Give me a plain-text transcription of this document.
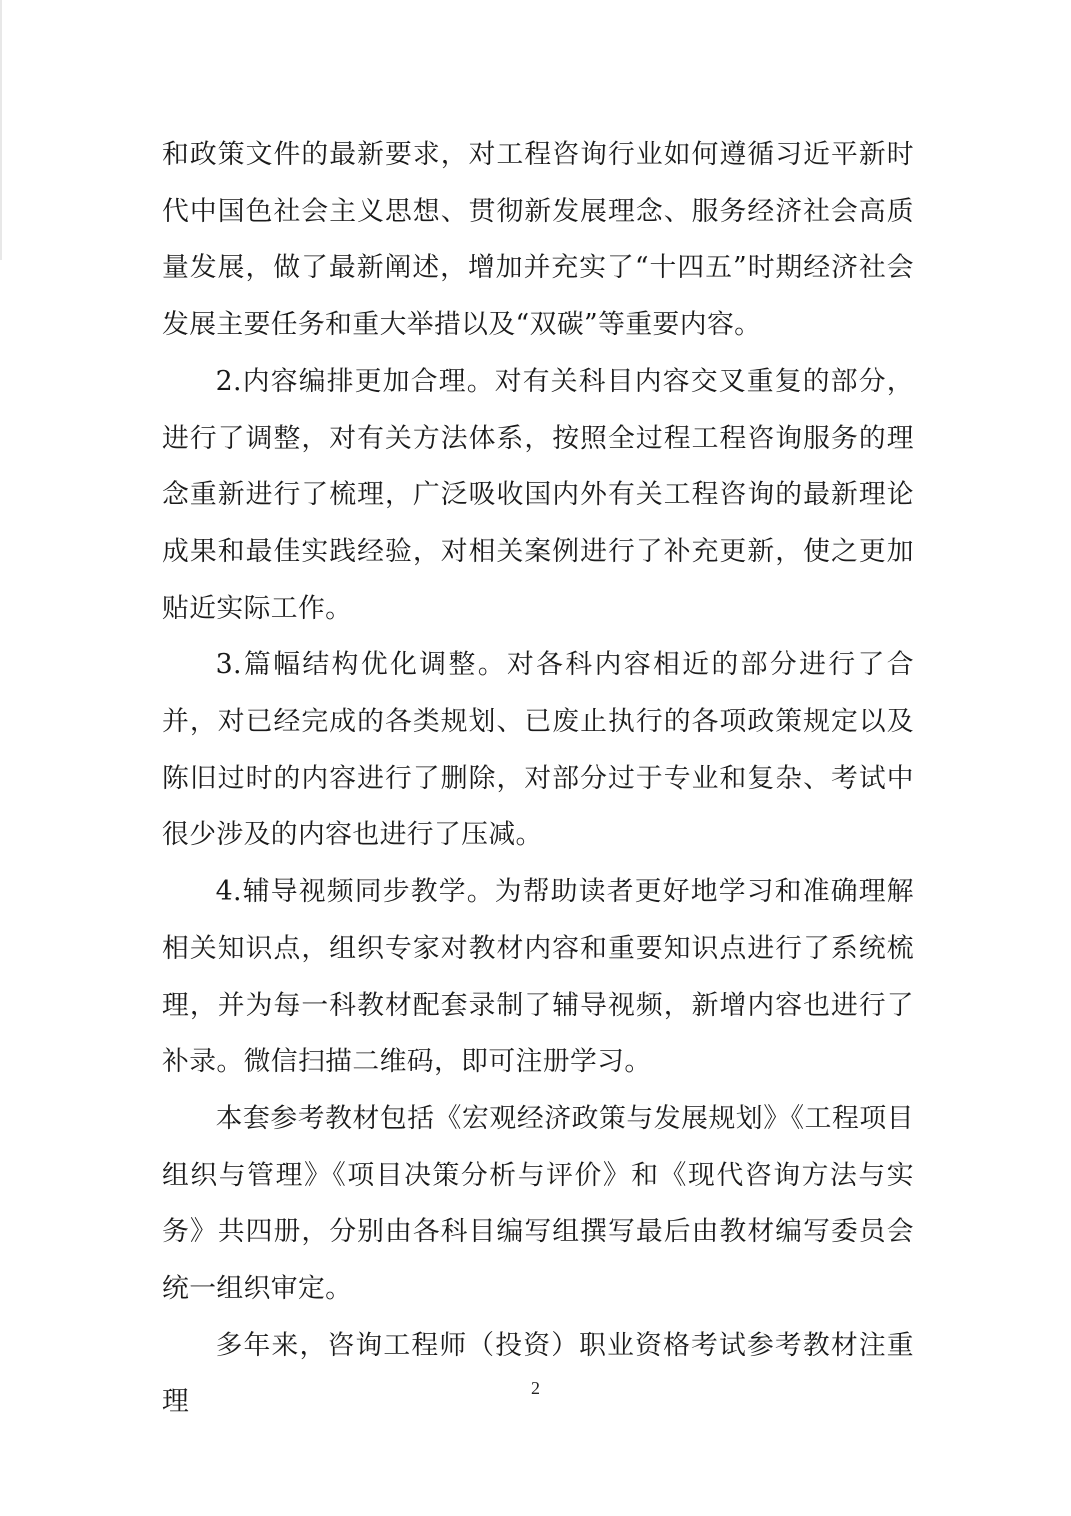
和政策文件的最新要求，对工程咨询行业如何遵循习近平新时代中国色社会主义思想、贯彻新发展理念、服务经济社会高质量发展，做了最新阐述，增加并充实了“十四五”时期经济社会发展主要任务和重大举措以及“双碳”等重要内容。

2.内容编排更加合理。对有关科目内容交叉重复的部分，进行了调整，对有关方法体系，按照全过程工程咨询服务的理念重新进行了梳理，广泛吸收国内外有关工程咨询的最新理论成果和最佳实践经验，对相关案例进行了补充更新，使之更加贴近实际工作。

3.篇幅结构优化调整。对各科内容相近的部分进行了合并，对已经完成的各类规划、已废止执行的各项政策规定以及陈旧过时的内容进行了删除，对部分过于专业和复杂、考试中很少涉及的内容也进行了压减。

4.辅导视频同步教学。为帮助读者更好地学习和准确理解相关知识点，组织专家对教材内容和重要知识点进行了系统梳理，并为每一科教材配套录制了辅导视频，新增内容也进行了补录。微信扫描二维码，即可注册学习。

本套参考教材包括《宏观经济政策与发展规划》《工程项目组织与管理》《项目决策分析与评价》和《现代咨询方法与实务》共四册，分别由各科目编写组撰写最后由教材编写委员会统一组织审定。

多年来，咨询工程师（投资）职业资格考试参考教材注重理	2
